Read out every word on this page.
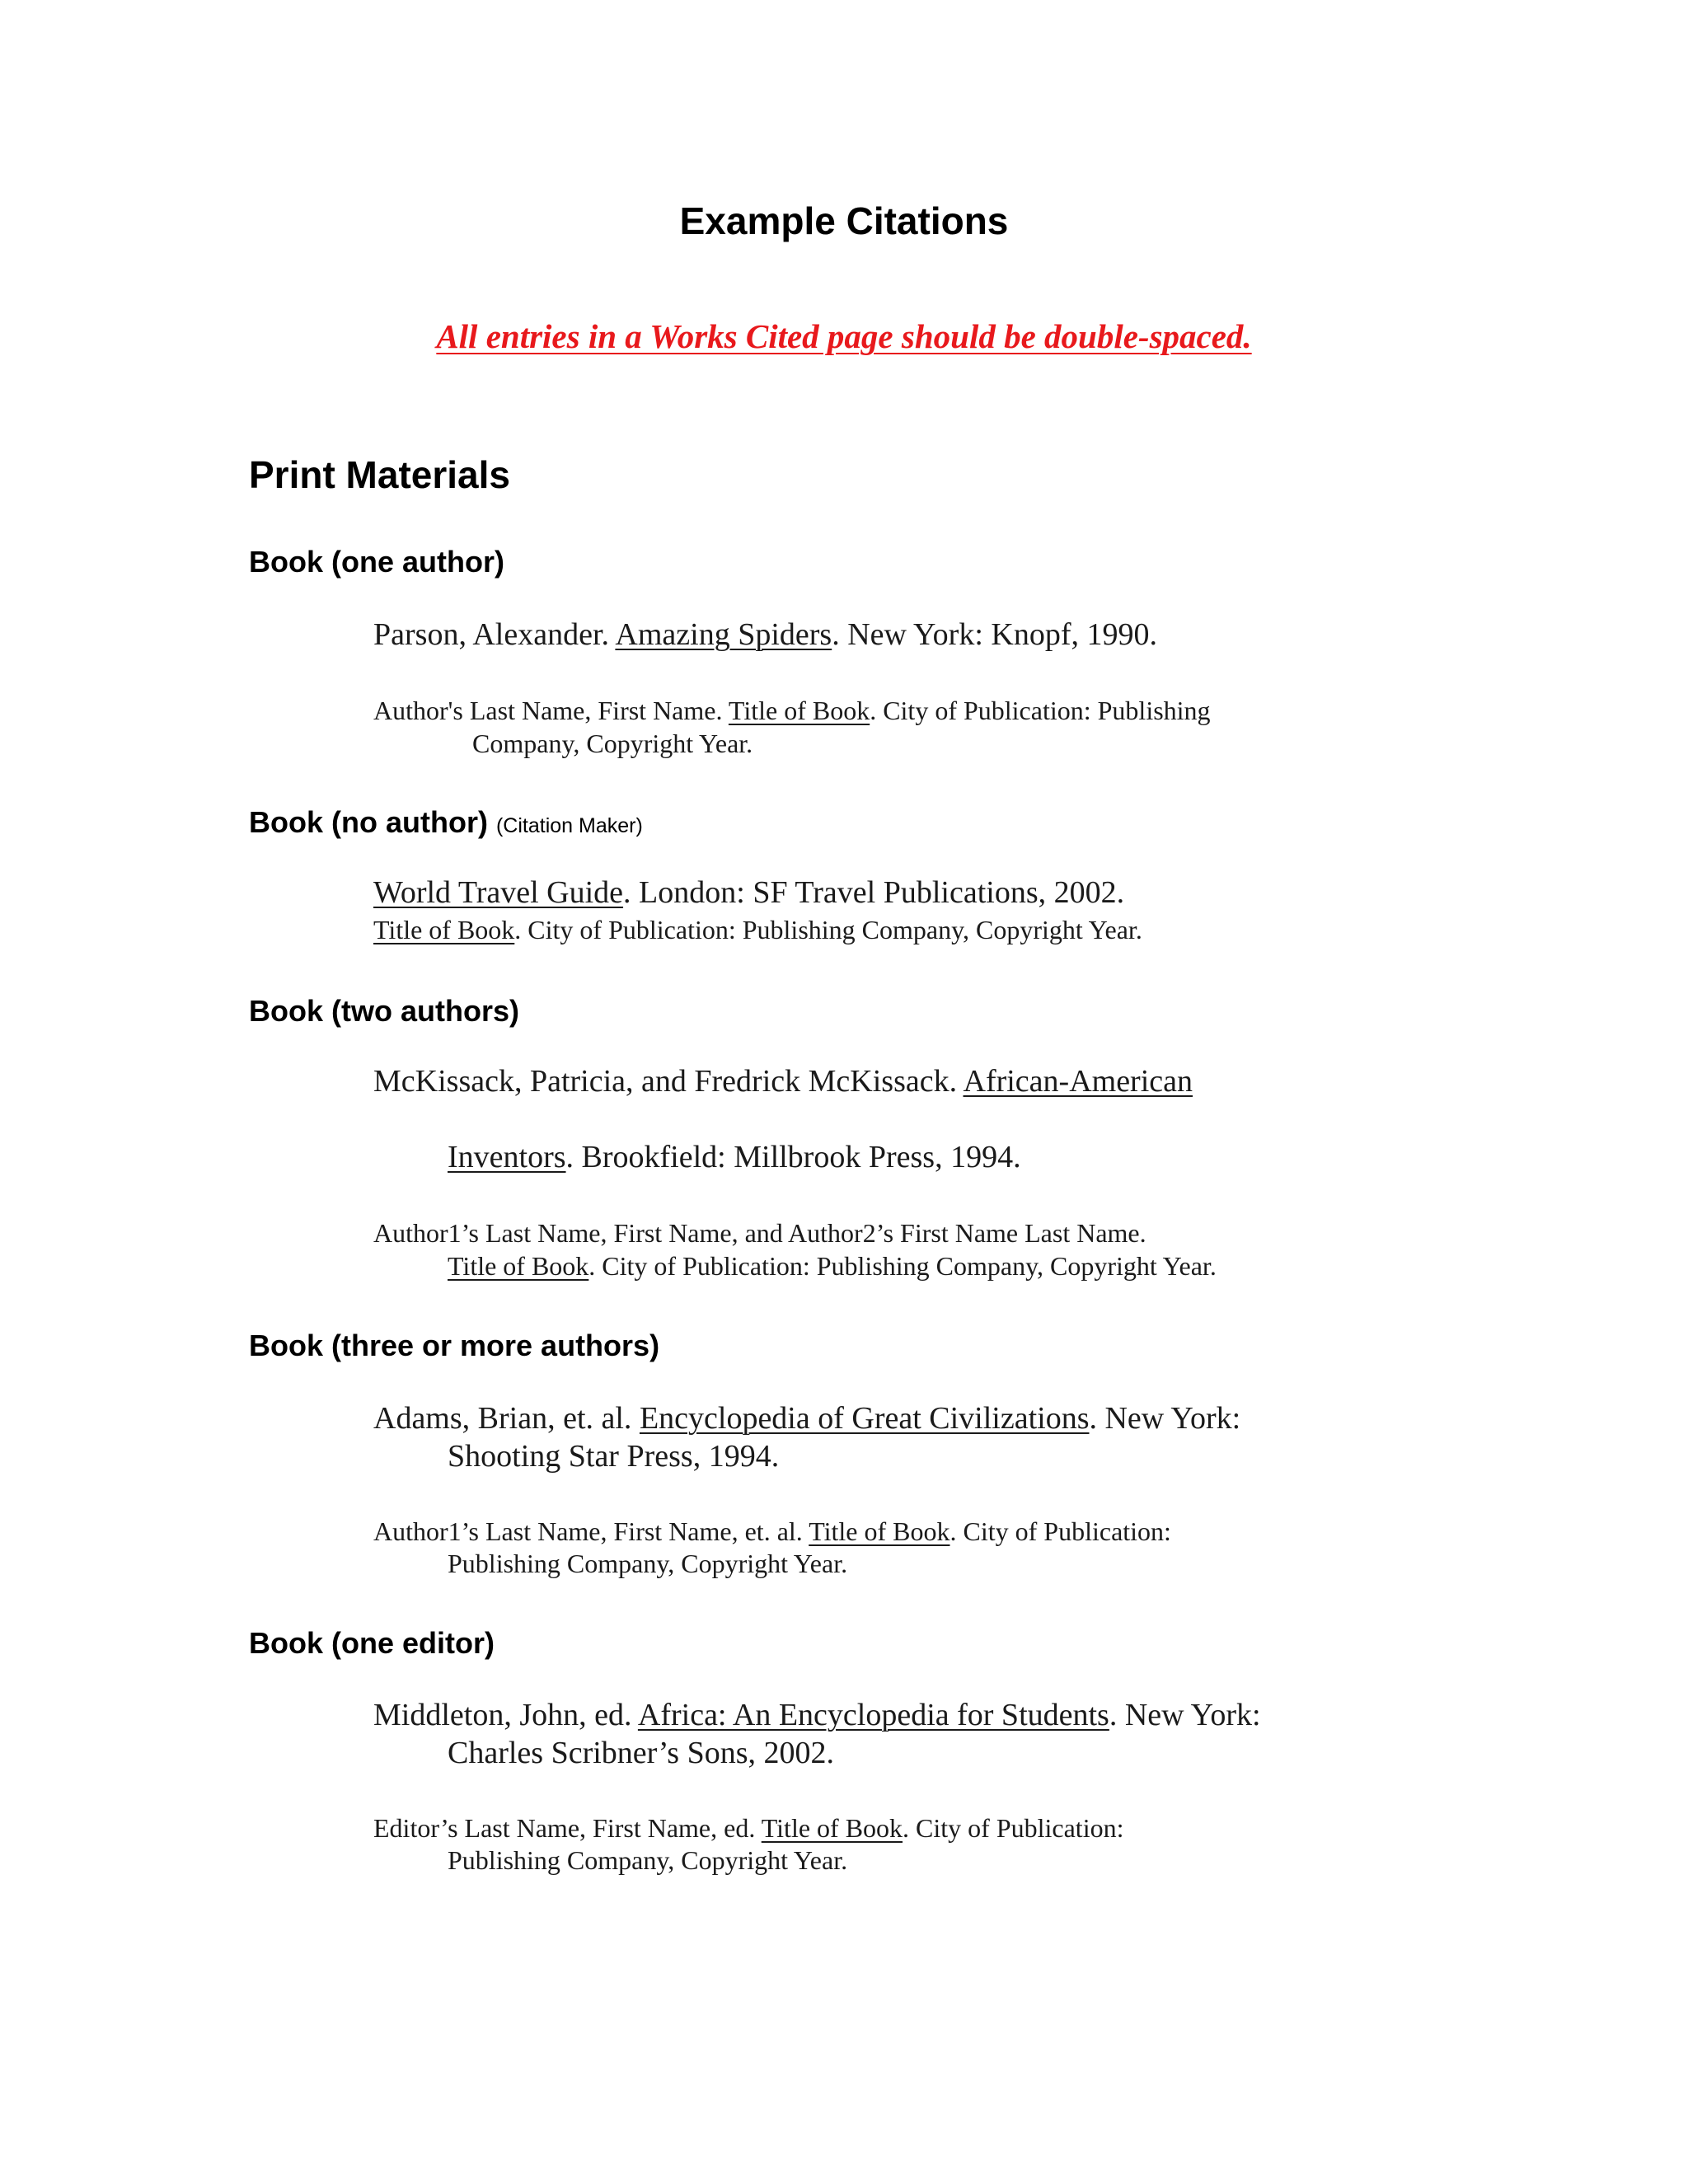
Example Citations

All entries in a Works Cited page should be double-spaced.

Print Materials
Book (one author)

Parson, Alexander. Amazing Spiders. New York: Knopf, 1990.

Author's Last Name, First Name. Title of Book. City of Publication: Publishing

Company, Copyright Year.

Book (no author) (Citation Maker)

World Travel Guide. London: SF Travel Publications, 2002.

Title of Book. City of Publication: Publishing Company, Copyright Year.

Book (two authors)

McKissack, Patricia, and Fredrick McKissack. African-American

Inventors. Brookfield: Millbrook Press, 1994.

Author1’s Last Name, First Name, and Author2’s First Name Last Name.

Title of Book. City of Publication: Publishing Company, Copyright Year.

Book (three or more authors)

Adams, Brian, et. al. Encyclopedia of Great Civilizations. New York:

Shooting Star Press, 1994.

Author1’s Last Name, First Name, et. al. Title of Book. City of Publication:

Publishing Company, Copyright Year.

Book (one editor)

Middleton, John, ed. Africa: An Encyclopedia for Students. New York:

Charles Scribner’s Sons, 2002.

Editor’s Last Name, First Name, ed. Title of Book. City of Publication:

Publishing Company, Copyright Year.
